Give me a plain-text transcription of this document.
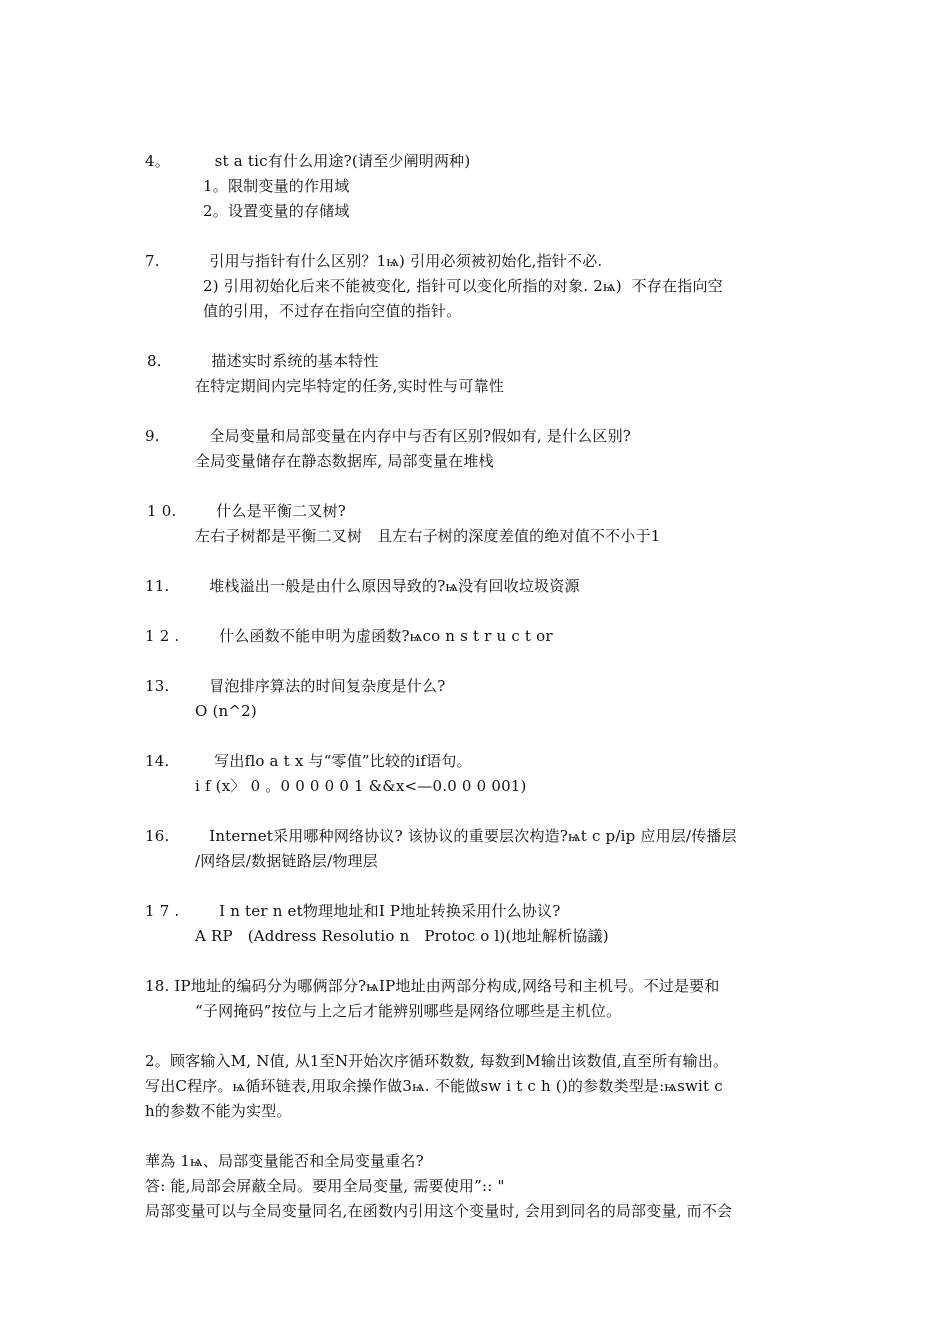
4。         st a tic有什么用途?(请至少阐明两种)
1。限制变量的作用域
2。设置变量的存储域
7.          引用与指针有什么区别？1ѩ) 引用必须被初始化,指针不必.
2) 引用初始化后来不能被变化, 指针可以变化所指的对象. 2ѩ)  不存在指向空
值的引用，不过存在指向空值的指针。
8.          描述实时系统的基本特性
在特定期间内完毕特定的任务,实时性与可靠性
9.          全局变量和局部变量在内存中与否有区别?假如有, 是什么区别?
全局变量储存在静态数据库, 局部变量在堆栈
1 0.        什么是平衡二叉树?
左右子树都是平衡二叉树   且左右子树的深度差值的绝对值不不小于1
11.        堆栈溢出一般是由什么原因导致的?ѩ没有回收垃圾资源
1 2 .        什么函数不能申明为虚函数?ѩco n s t r u c t or
13.        冒泡排序算法的时间复杂度是什么?
O (n^2)
14.         写出flo a t x 与“零值”比较的if语句。
i f (x〉 0 。0 0 0 0 0 1 &&x<—0.0 0 0 001)
16.        Internet采用哪种网络协议? 该协议的重要层次构造?ѩt c p/ip 应用层/传播层
/网络层/数据链路层/物理层
1 7 .        I n ter n et物理地址和I P地址转换采用什么协议?
A RP   (Address Resolutio n   Protoc o l)(地址解析協議)
18. IP地址的编码分为哪俩部分?ѩIP地址由两部分构成,网络号和主机号。不过是要和
“子网掩码”按位与上之后才能辨别哪些是网络位哪些是主机位。
2。顾客输入M, N值, 从1至N开始次序循环数数, 每数到M输出该数值,直至所有输出。
写出C程序。ѩ循环链表,用取余操作做3ѩ. 不能做sw i t c h ()的参数类型是:ѩswit c
h的参数不能为实型。
華為 1ѩ、局部变量能否和全局变量重名?
答: 能,局部会屏蔽全局。要用全局变量, 需要使用”:: "
局部变量可以与全局变量同名,在函数内引用这个变量时, 会用到同名的局部变量, 而不会
